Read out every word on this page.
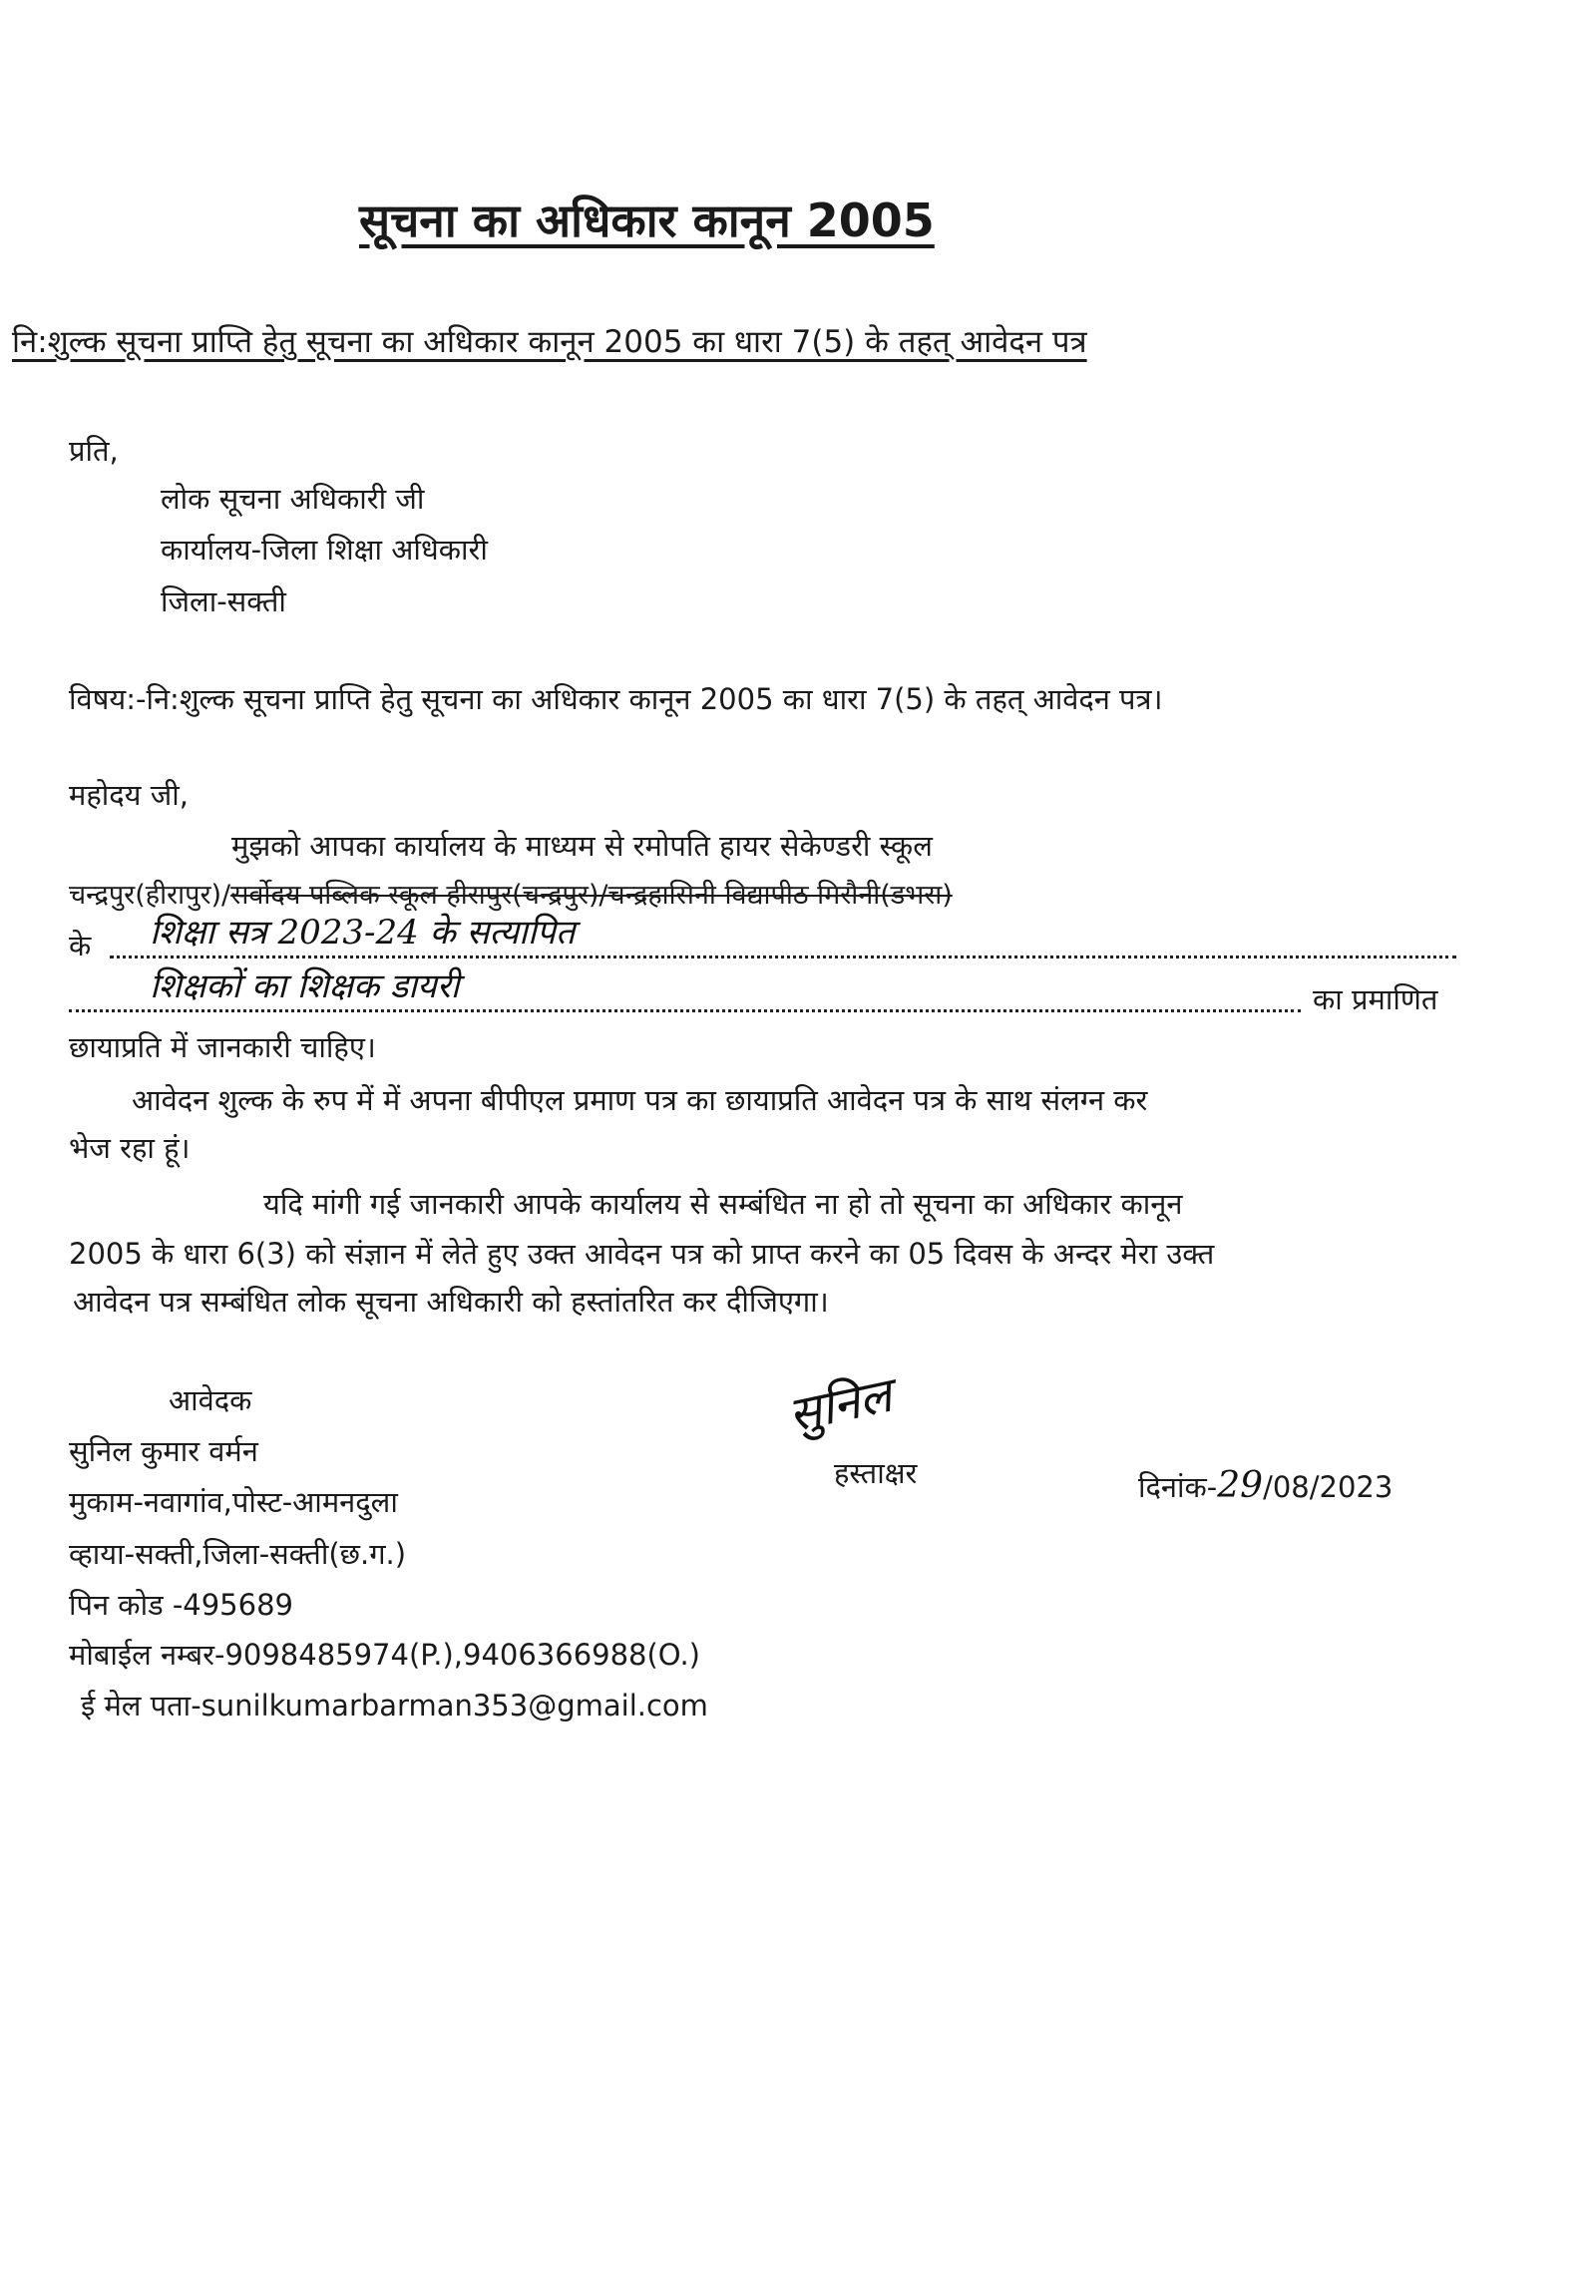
सूचना का अधिकार कानून 2005
नि:शुल्क सूचना प्राप्ति हेतु सूचना का अधिकार कानून 2005 का धारा 7(5) के तहत् आवेदन पत्र
प्रति,
लोक सूचना अधिकारी जी
कार्यालय-जिला शिक्षा अधिकारी
जिला-सक्ती
विषय:-नि:शुल्क सूचना प्राप्ति हेतु सूचना का अधिकार कानून 2005 का धारा 7(5) के तहत् आवेदन पत्र।
महोदय जी,
मुझको आपका कार्यालय के माध्यम से रमोपति हायर सेकेण्डरी स्कूल
चन्द्रपुर(हीरापुर)/सर्वोदय पब्लिक स्कूल हीरापुर(चन्द्रपुर)/चन्द्रहासिनी विद्यापीठ मिरौनी(डभरा)
के शिक्षा सत्र 2023-24 के सत्यापित
शिक्षकों का शिक्षक डायरी	का प्रमाणित
छायाप्रति में जानकारी चाहिए।
आवेदन शुल्क के रुप में में अपना बीपीएल प्रमाण पत्र का छायाप्रति आवेदन पत्र के साथ संलग्न कर
भेज रहा हूं।
यदि मांगी गई जानकारी आपके कार्यालय से सम्बंधित ना हो तो सूचना का अधिकार कानून
2005 के धारा 6(3) को संज्ञान में लेते हुए उक्त आवेदन पत्र को प्राप्त करने का 05 दिवस के अन्दर मेरा उक्त
आवेदन पत्र सम्बंधित लोक सूचना अधिकारी को हस्तांतरित कर दीजिएगा।
आवेदक
सुनिल कुमार वर्मन
मुकाम-नवागांव,पोस्ट-आमनदुला
व्हाया-सक्ती,जिला-सक्ती(छ.ग.)
पिन कोड -495689
मोबाईल नम्बर-9098485974(P.),9406366988(O.)
ई मेल पता-sunilkumarbarman353@gmail.com
सुनिल
हस्ताक्षर	दिनांक-29/08/2023
